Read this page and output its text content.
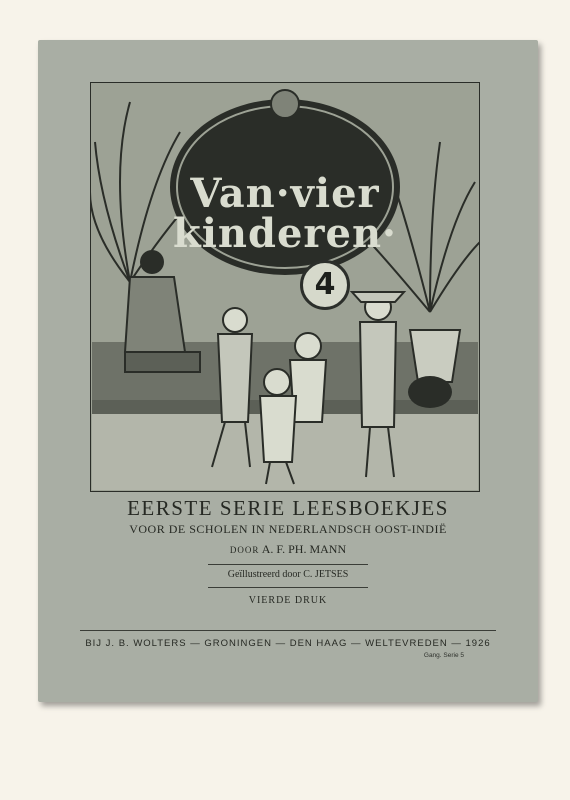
Van·vier
kinderen·
4
EERSTE SERIE LEESBOEKJES
VOOR DE SCHOLEN IN NEDERLANDSCH OOST-INDIË
DOOR A. F. PH. MANN
Geïllustreerd door C. JETSES
VIERDE DRUK
BIJ J. B. WOLTERS — GRONINGEN — DEN HAAG — WELTEVREDEN — 1926
Gang. Serie 5
